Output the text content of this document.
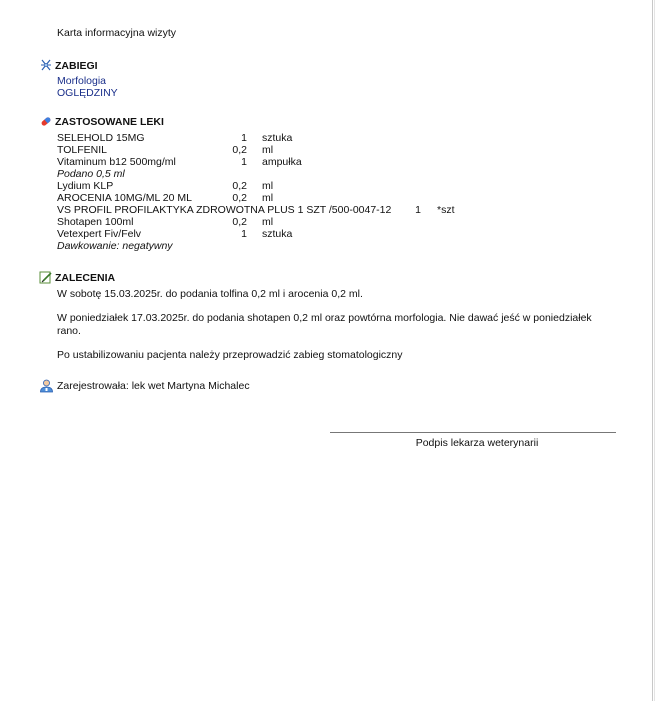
Karta informacyjna wizyty
ZABIEGI
Morfologia
OGLĘDZINY
ZASTOSOWANE LEKI
SELEHOLD 15MG	1 sztuka
TOLFENIL	0,2 ml
Vitaminum b12 500mg/ml	1 ampułka
Podano 0,5 ml
Lydium KLP	0,2 ml
AROCENIA 10MG/ML 20 ML	0,2 ml
VS PROFIL PROFILAKTYKA ZDROWOTNA PLUS 1 SZT /500-0047-12	1 *szt
Shotapen 100ml	0,2 ml
Vetexpert Fiv/Felv	1 sztuka
Dawkowanie: negatywny
ZALECENIA
W sobotę 15.03.2025r. do podania tolfina 0,2 ml i arocenia 0,2 ml.
W poniedziałek 17.03.2025r. do podania shotapen 0,2 ml oraz powtórna morfologia. Nie dawać jeść w poniedziałek rano.
Po ustabilizowaniu pacjenta należy przeprowadzić zabieg stomatologiczny
Zarejestrowała: lek wet Martyna Michalec
Podpis lekarza weterynarii
